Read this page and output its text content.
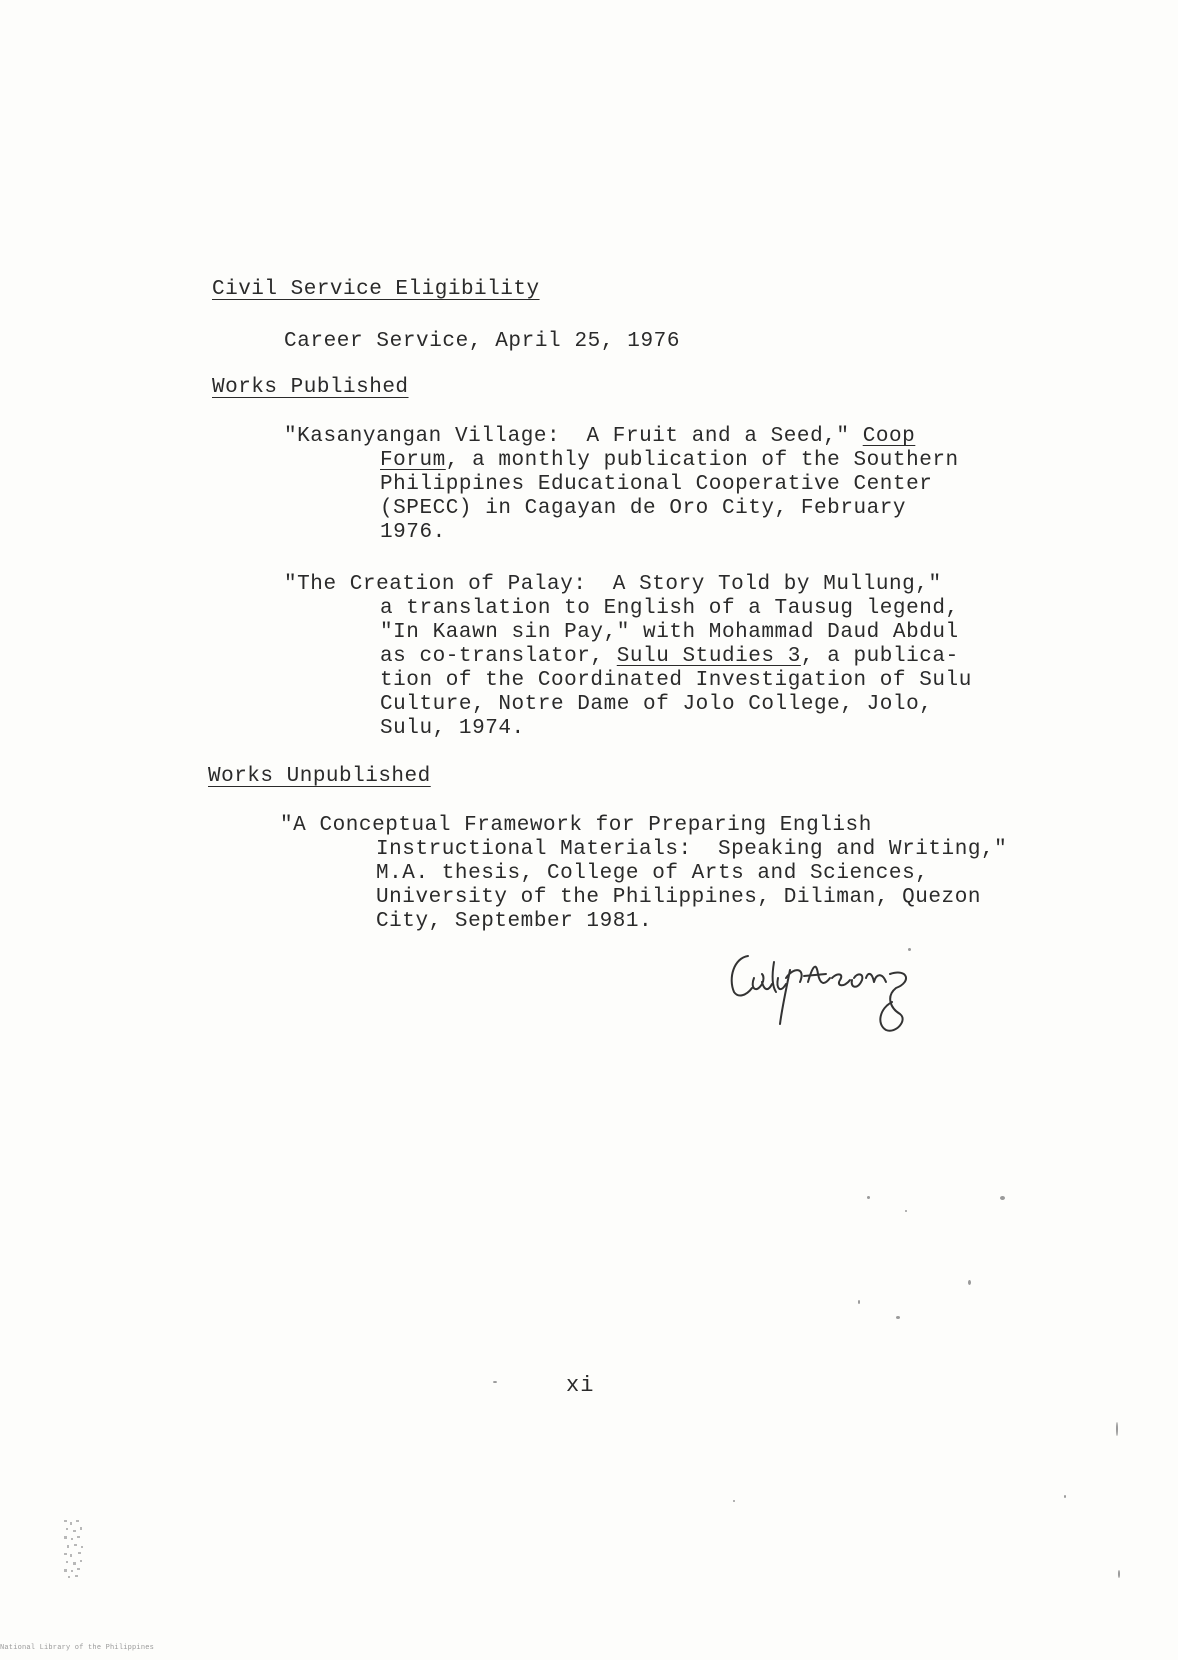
Civil Service Eligibility
Career Service, April 25, 1976
Works Published
"Kasanyangan Village:  A Fruit and a Seed," Coop
Forum, a monthly publication of the Southern
Philippines Educational Cooperative Center
(SPECC) in Cagayan de Oro City, February
1976.
"The Creation of Palay:  A Story Told by Mullung,"
a translation to English of a Tausug legend,
"In Kaawn sin Pay," with Mohammad Daud Abdul
as co-translator, Sulu Studies 3, a publica-
tion of the Coordinated Investigation of Sulu
Culture, Notre Dame of Jolo College, Jolo,
Sulu, 1974.
Works Unpublished
"A Conceptual Framework for Preparing English
Instructional Materials:  Speaking and Writing,"
M.A. thesis, College of Arts and Sciences,
University of the Philippines, Diliman, Quezon
City, September 1981.
xi
National Library of the Philippines
